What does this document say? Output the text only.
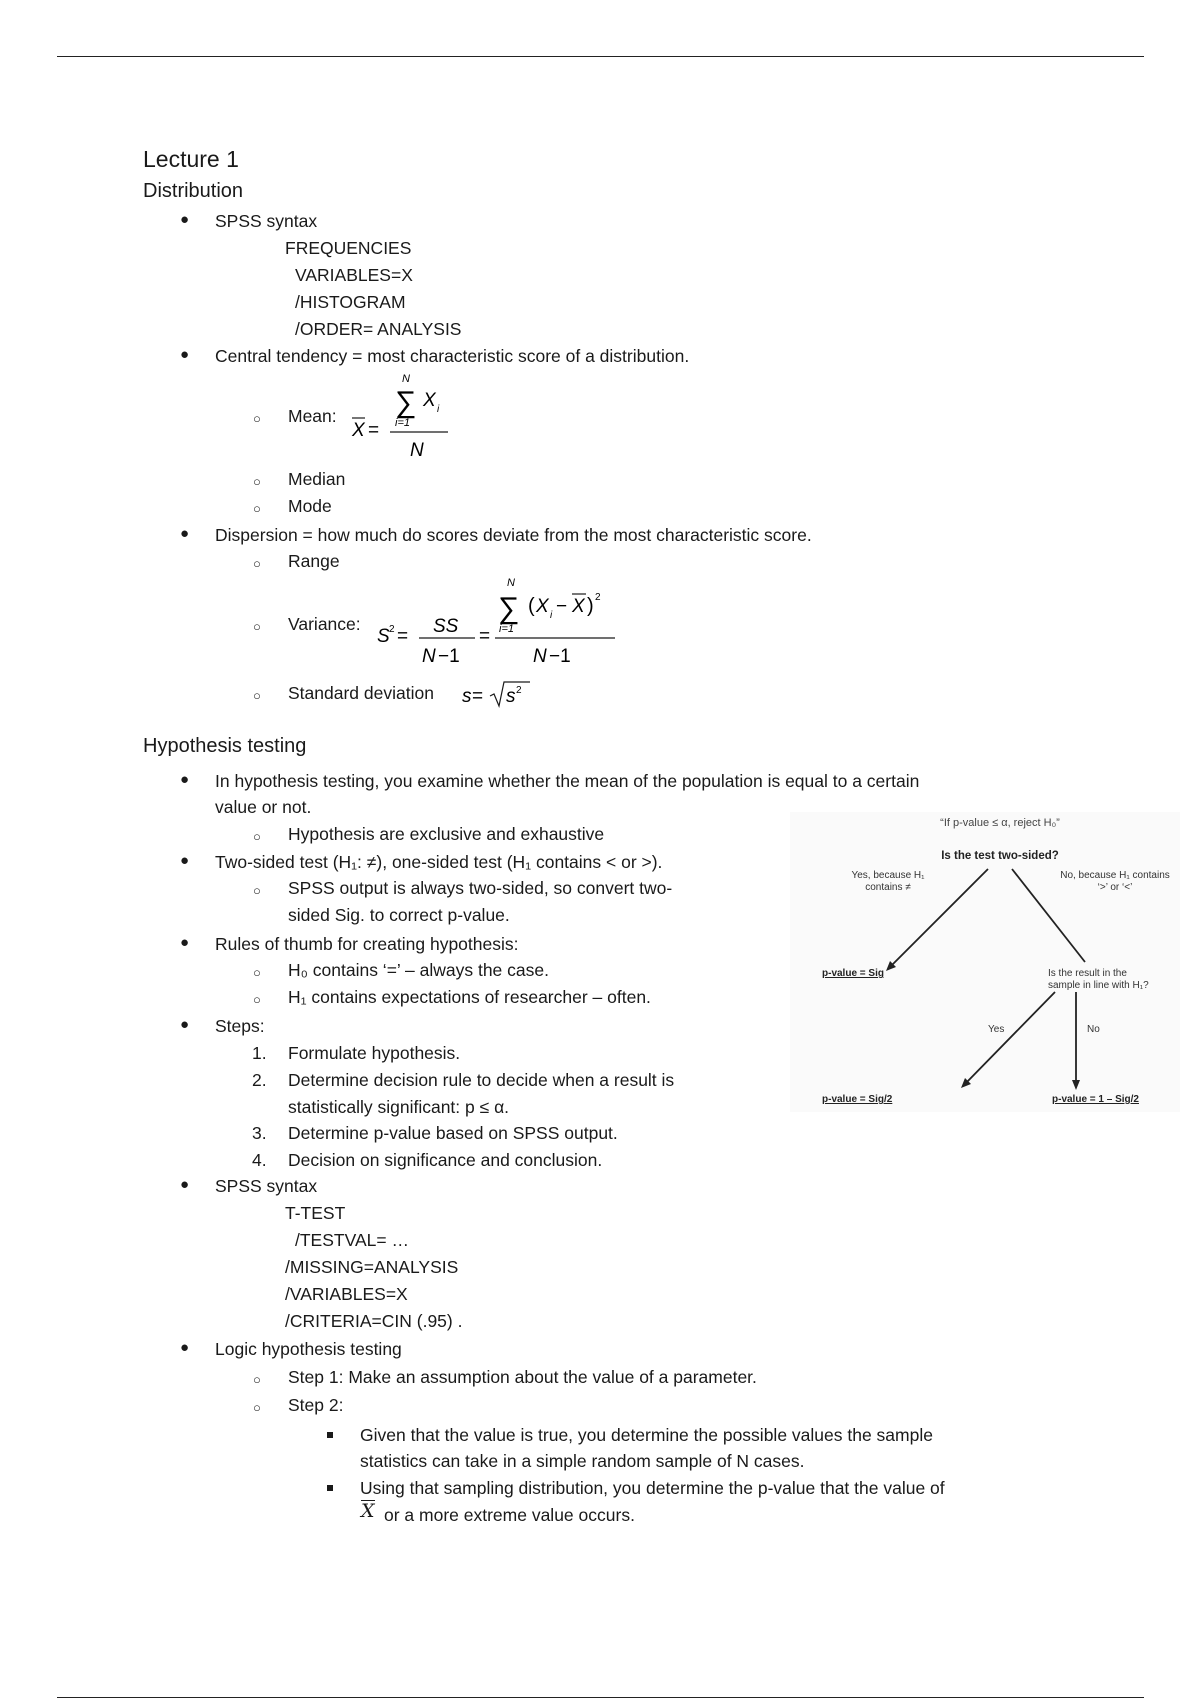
Lecture 1
Distribution
● SPSS syntax
FREQUENCIES
VARIABLES=X
/HISTOGRAM
/ORDER= ANALYSIS
● Central tendency = most characteristic score of a distribution.
○ Mean:
X =
N
∑
i=1
X i
N
○ Median
○ Mode
● Dispersion = how much do scores deviate from the most characteristic score.
○ Range
○ Variance:
S 2 = SS
N −1
=
N
∑
i=1
( X i − X ) 2
N −1
○ Standard deviation s = s 2
Hypothesis testing
● In hypothesis testing, you examine whether the mean of the population is equal to a certain
value or not.
○ Hypothesis are exclusive and exhaustive
● Two-sided test (H₁: ≠), one-sided test (H₁ contains < or >).
○ SPSS output is always two-sided, so convert two-
sided Sig. to correct p-value.
● Rules of thumb for creating hypothesis:
○ H₀ contains ‘=’ – always the case.
○ H₁ contains expectations of researcher – often.
● Steps:
1. Formulate hypothesis.
2. Determine decision rule to decide when a result is
statistically significant: p ≤ α.
3. Determine p-value based on SPSS output.
4. Decision on significance and conclusion.
● SPSS syntax
T-TEST
/TESTVAL= …
/MISSING=ANALYSIS
/VARIABLES=X
/CRITERIA=CIN (.95) .
● Logic hypothesis testing
○ Step 1: Make an assumption about the value of a parameter.
○ Step 2:
Given that the value is true, you determine the possible values the sample
statistics can take in a simple random sample of N cases.
Using that sampling distribution, you determine the p-value that the value of
X or a more extreme value occurs.
“If p-value ≤ α, reject H₀”
Is the test two-sided?
Yes, because H₁
contains ≠
No, because H₁ contains
‘>’ or ‘<’
p-value = Sig	Is the result in the
sample in line with H₁?
Yes	No
p-value = Sig/2	p-value = 1 – Sig/2
